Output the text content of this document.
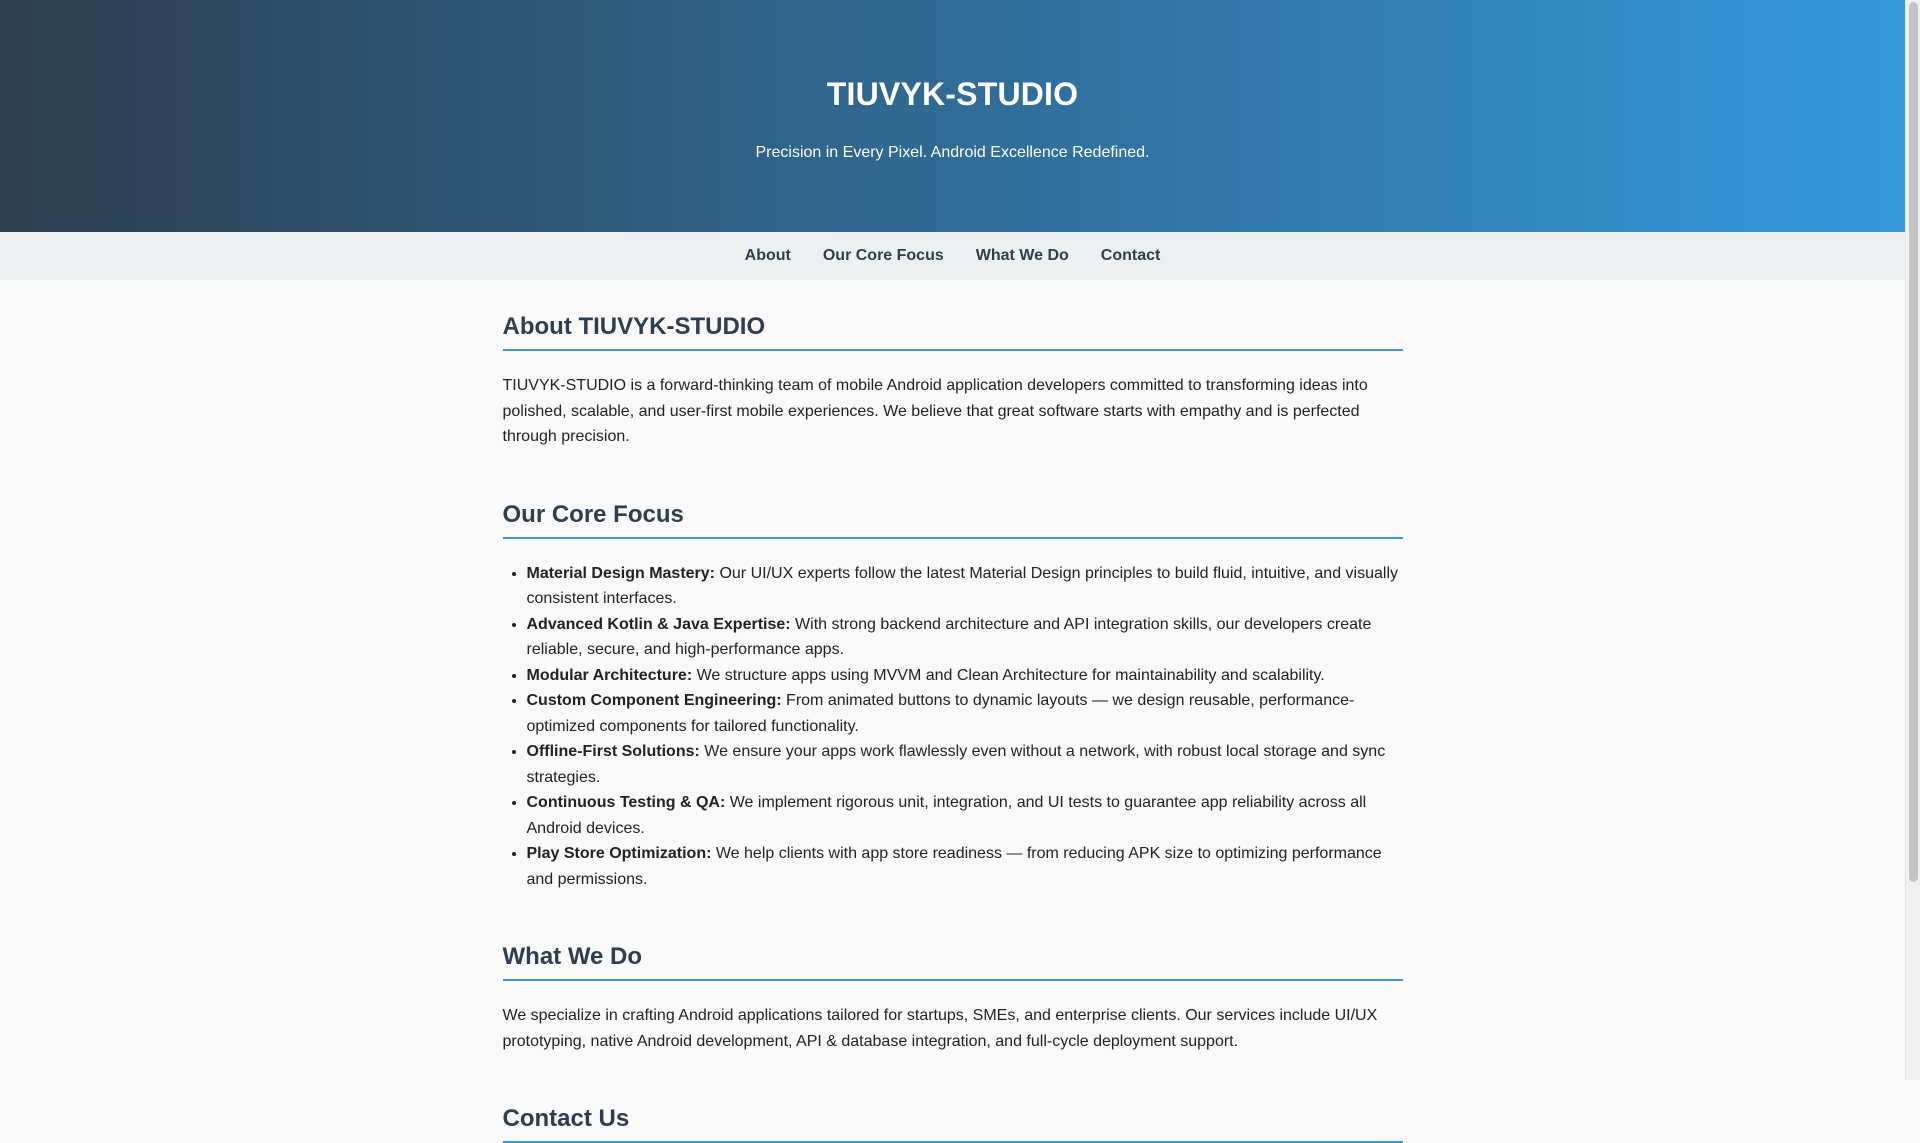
TIUVYK-STUDIO

Precision in Every Pixel. Android Excellence Redefined.

About Our Core Focus What We Do Contact
About TIUVYK-STUDIO

TIUVYK-STUDIO is a forward-thinking team of mobile Android application developers committed to transforming ideas into polished, scalable, and user-first mobile experiences. We believe that great software starts with empathy and is perfected through precision.

Our Core Focus
• Material Design Mastery: Our UI/UX experts follow the latest Material Design principles to build fluid, intuitive, and visually consistent interfaces.
• Advanced Kotlin & Java Expertise: With strong backend architecture and API integration skills, our developers create reliable, secure, and high-performance apps.
• Modular Architecture: We structure apps using MVVM and Clean Architecture for maintainability and scalability.
• Custom Component Engineering: From animated buttons to dynamic layouts — we design reusable, performance-optimized components for tailored functionality.
• Offline-First Solutions: We ensure your apps work flawlessly even without a network, with robust local storage and sync strategies.
• Continuous Testing & QA: We implement rigorous unit, integration, and UI tests to guarantee app reliability across all Android devices.
• Play Store Optimization: We help clients with app store readiness — from reducing APK size to optimizing performance and permissions.
What We Do

We specialize in crafting Android applications tailored for startups, SMEs, and enterprise clients. Our services include UI/UX prototyping, native Android development, API & database integration, and full-cycle deployment support.

Contact Us
